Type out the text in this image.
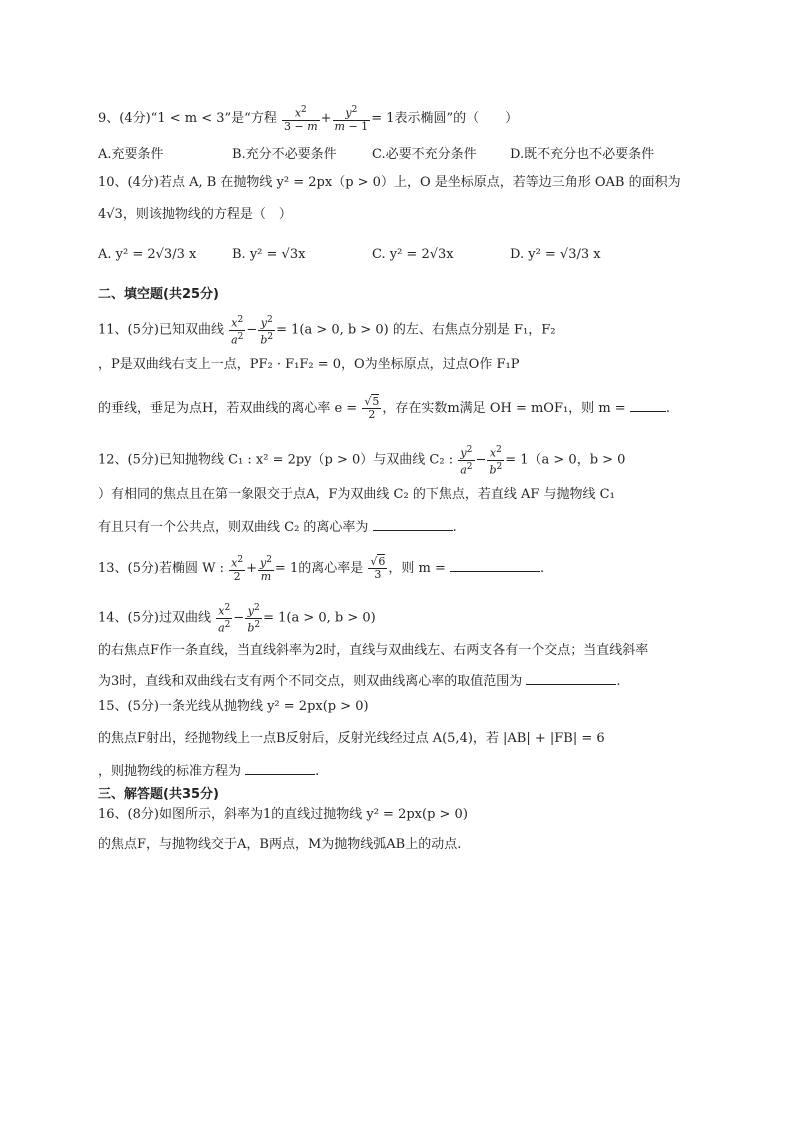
9、(4分)“1 < m < 3”是“方程 $\frac{x^2}{3 - m} + \frac{y^2}{m - 1} = 1$表示椭圆”的（　　）
A.充要条件	B.充分不必要条件	C.必要不充分条件	D.既不充分也不必要条件
10、(4分)若点 A, B 在抛物线 y² = 2px（p > 0）上，O 是坐标原点，若等边三角形 OAB 的面积为
4√3，则该抛物线的方程是（　）
A. y² = 2√3/3 x	B. y² = √3x	C. y² = 2√3x	D. y² = √3/3 x
二、填空题(共25分)
11、(5分)已知双曲线 $\frac{x^2}{a^2} - \frac{y^2}{b^2} = 1(a > 0$, b > 0) 的左、右焦点分别是 F₁，F₂
，P是双曲线右支上一点，PF₂ · F₁F₂ = 0，O为坐标原点，过点O作 F₁P
的垂线，垂足为点H，若双曲线的离心率 $e = \frac{√5}{2}$ ，存在实数m满足 OH = mOF₁，则 m =	.
12、(5分)已知抛物线 C₁ : x² = 2py（p > 0）与双曲线 C₂ : $\frac{y^2}{a^2} - \frac{x^2}{b^2} = 1(a > 0$，b > 0
）有相同的焦点且在第一象限交于点A，F为双曲线 C₂ 的下焦点，若直线 AF 与抛物线 C₁
有且只有一个公共点，则双曲线 C₂ 的离心率为	.
13、(5分)若椭圆 W : $\frac{x^2}{2} + \frac{y^2}{m} = 1$的离心率是 $\frac{√6}{3}$ ，则 m =	.
14、(5分)过双曲线 $\frac{x^2}{a^2} - \frac{y^2}{b^2} = 1(a > 0$, b > 0)
的右焦点F作一条直线，当直线斜率为2时，直线与双曲线左、右两支各有一个交点；当直线斜率
为3时，直线和双曲线右支有两个不同交点，则双曲线离心率的取值范围为	.
15、(5分)一条光线从抛物线 y² = 2px(p > 0)
的焦点F射出，经抛物线上一点B反射后，反射光线经过点 A(5,4)，若 |AB| + |FB| = 6
，则抛物线的标准方程为	.
三、解答题(共35分)
16、(8分)如图所示，斜率为1的直线过抛物线 y² = 2px(p > 0)
的焦点F，与抛物线交于A，B两点，M为抛物线弧AB上的动点.
